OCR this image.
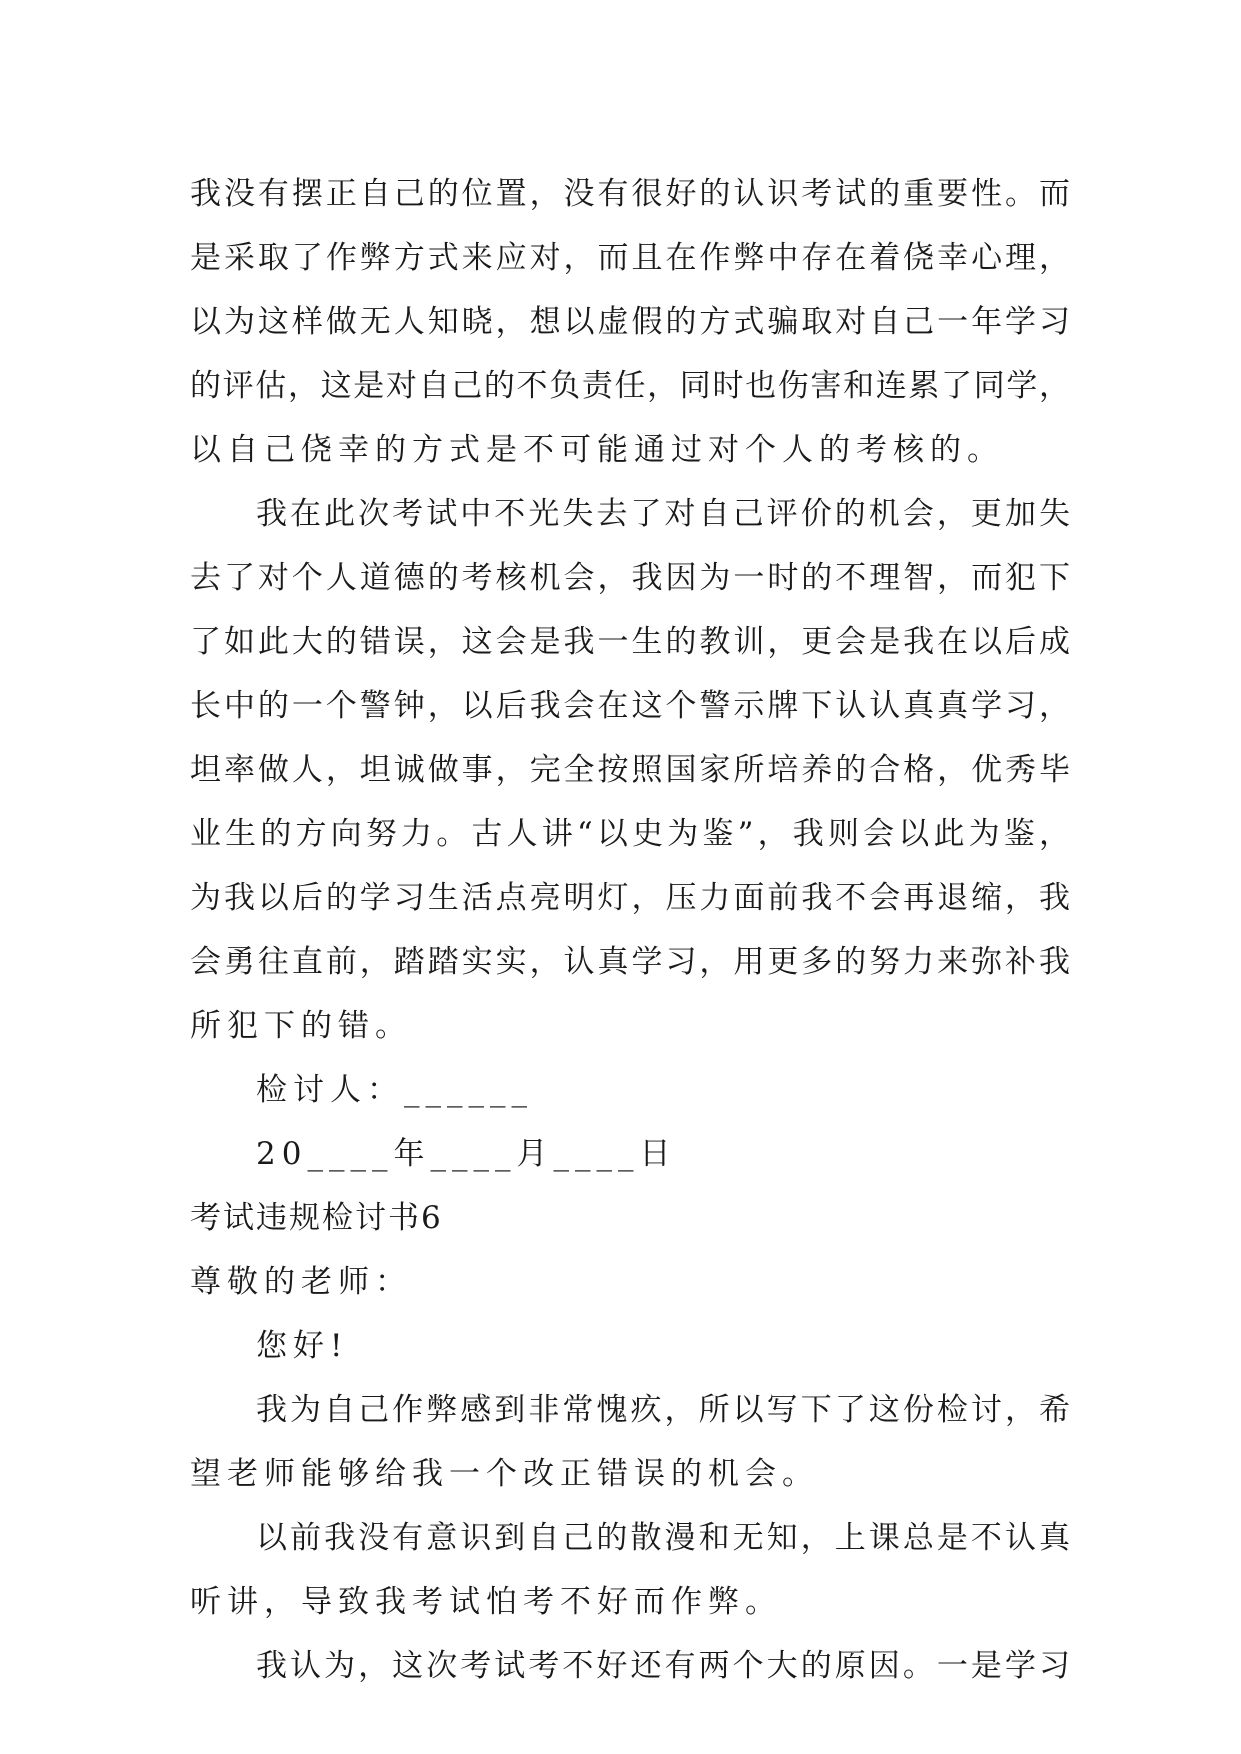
我没有摆正自己的位置，没有很好的认识考试的重要性。而
是采取了作弊方式来应对，而且在作弊中存在着侥幸心理，
以为这样做无人知晓，想以虚假的方式骗取对自己一年学习
的评估，这是对自己的不负责任，同时也伤害和连累了同学，
以自己侥幸的方式是不可能通过对个人的考核的。
我在此次考试中不光失去了对自己评价的机会，更加失
去了对个人道德的考核机会，我因为一时的不理智，而犯下
了如此大的错误，这会是我一生的教训，更会是我在以后成
长中的一个警钟，以后我会在这个警示牌下认认真真学习，
坦率做人，坦诚做事，完全按照国家所培养的合格，优秀毕
业生的方向努力。古人讲“以史为鉴”，我则会以此为鉴，
为我以后的学习生活点亮明灯，压力面前我不会再退缩，我
会勇往直前，踏踏实实，认真学习，用更多的努力来弥补我
所犯下的错。
检讨人：______
20____年____月____日
考试违规检讨书6
尊敬的老师：
您好!
我为自己作弊感到非常愧疚，所以写下了这份检讨，希
望老师能够给我一个改正错误的机会。
以前我没有意识到自己的散漫和无知，上课总是不认真
听讲，导致我考试怕考不好而作弊。
我认为，这次考试考不好还有两个大的原因。一是学习
